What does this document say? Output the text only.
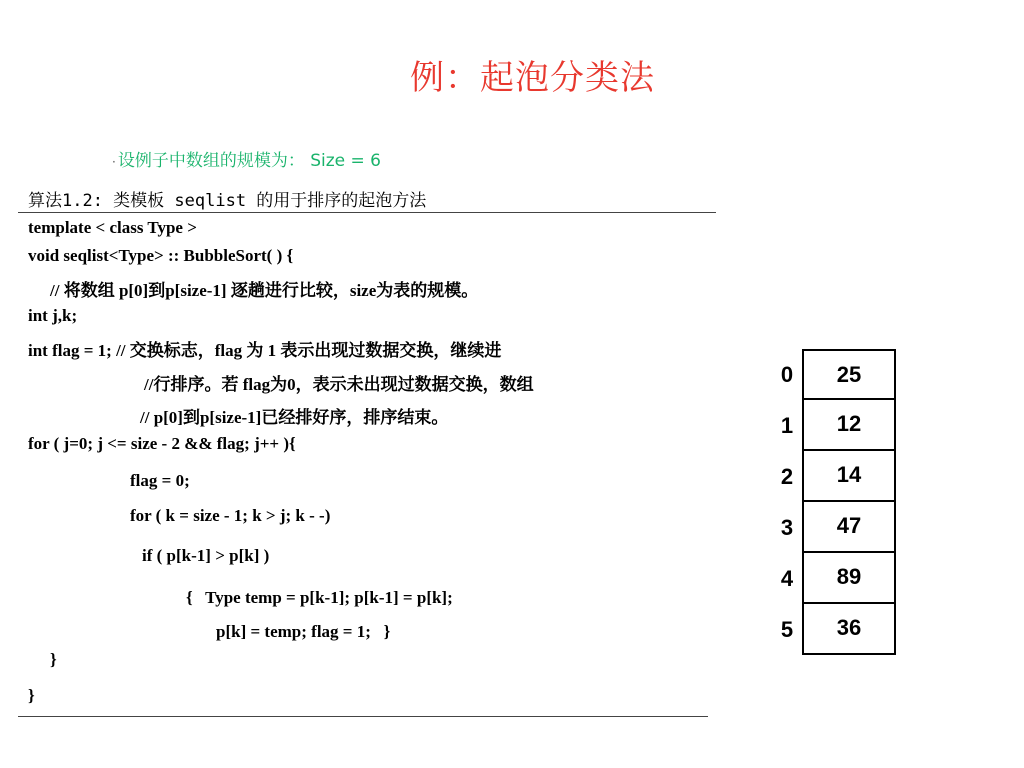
例：起泡分类法
· 设例子中数组的规模为： Size = 6
算法1.2: 类模板 seqlist 的用于排序的起泡方法
template < class Type >
void seqlist<Type> :: BubbleSort( ) {
// 将数组 p[0]到p[size-1] 逐趟进行比较，size为表的规模。
int j,k;
int flag = 1; // 交换标志，flag 为 1 表示出现过数据交换，继续进
//行排序。若 flag为0，表示未出现过数据交换，数组
// p[0]到p[size-1]已经排好序，排序结束。
for ( j=0; j <= size - 2 && flag; j++ ){
flag = 0;
for ( k = size - 1; k > j; k - -)
if ( p[k-1] > p[k] )
{   Type temp = p[k-1]; p[k-1] = p[k];
p[k] = temp; flag = 1;   }
}
}
0	25
1	12
2	14
3	47
4	89
5	36
